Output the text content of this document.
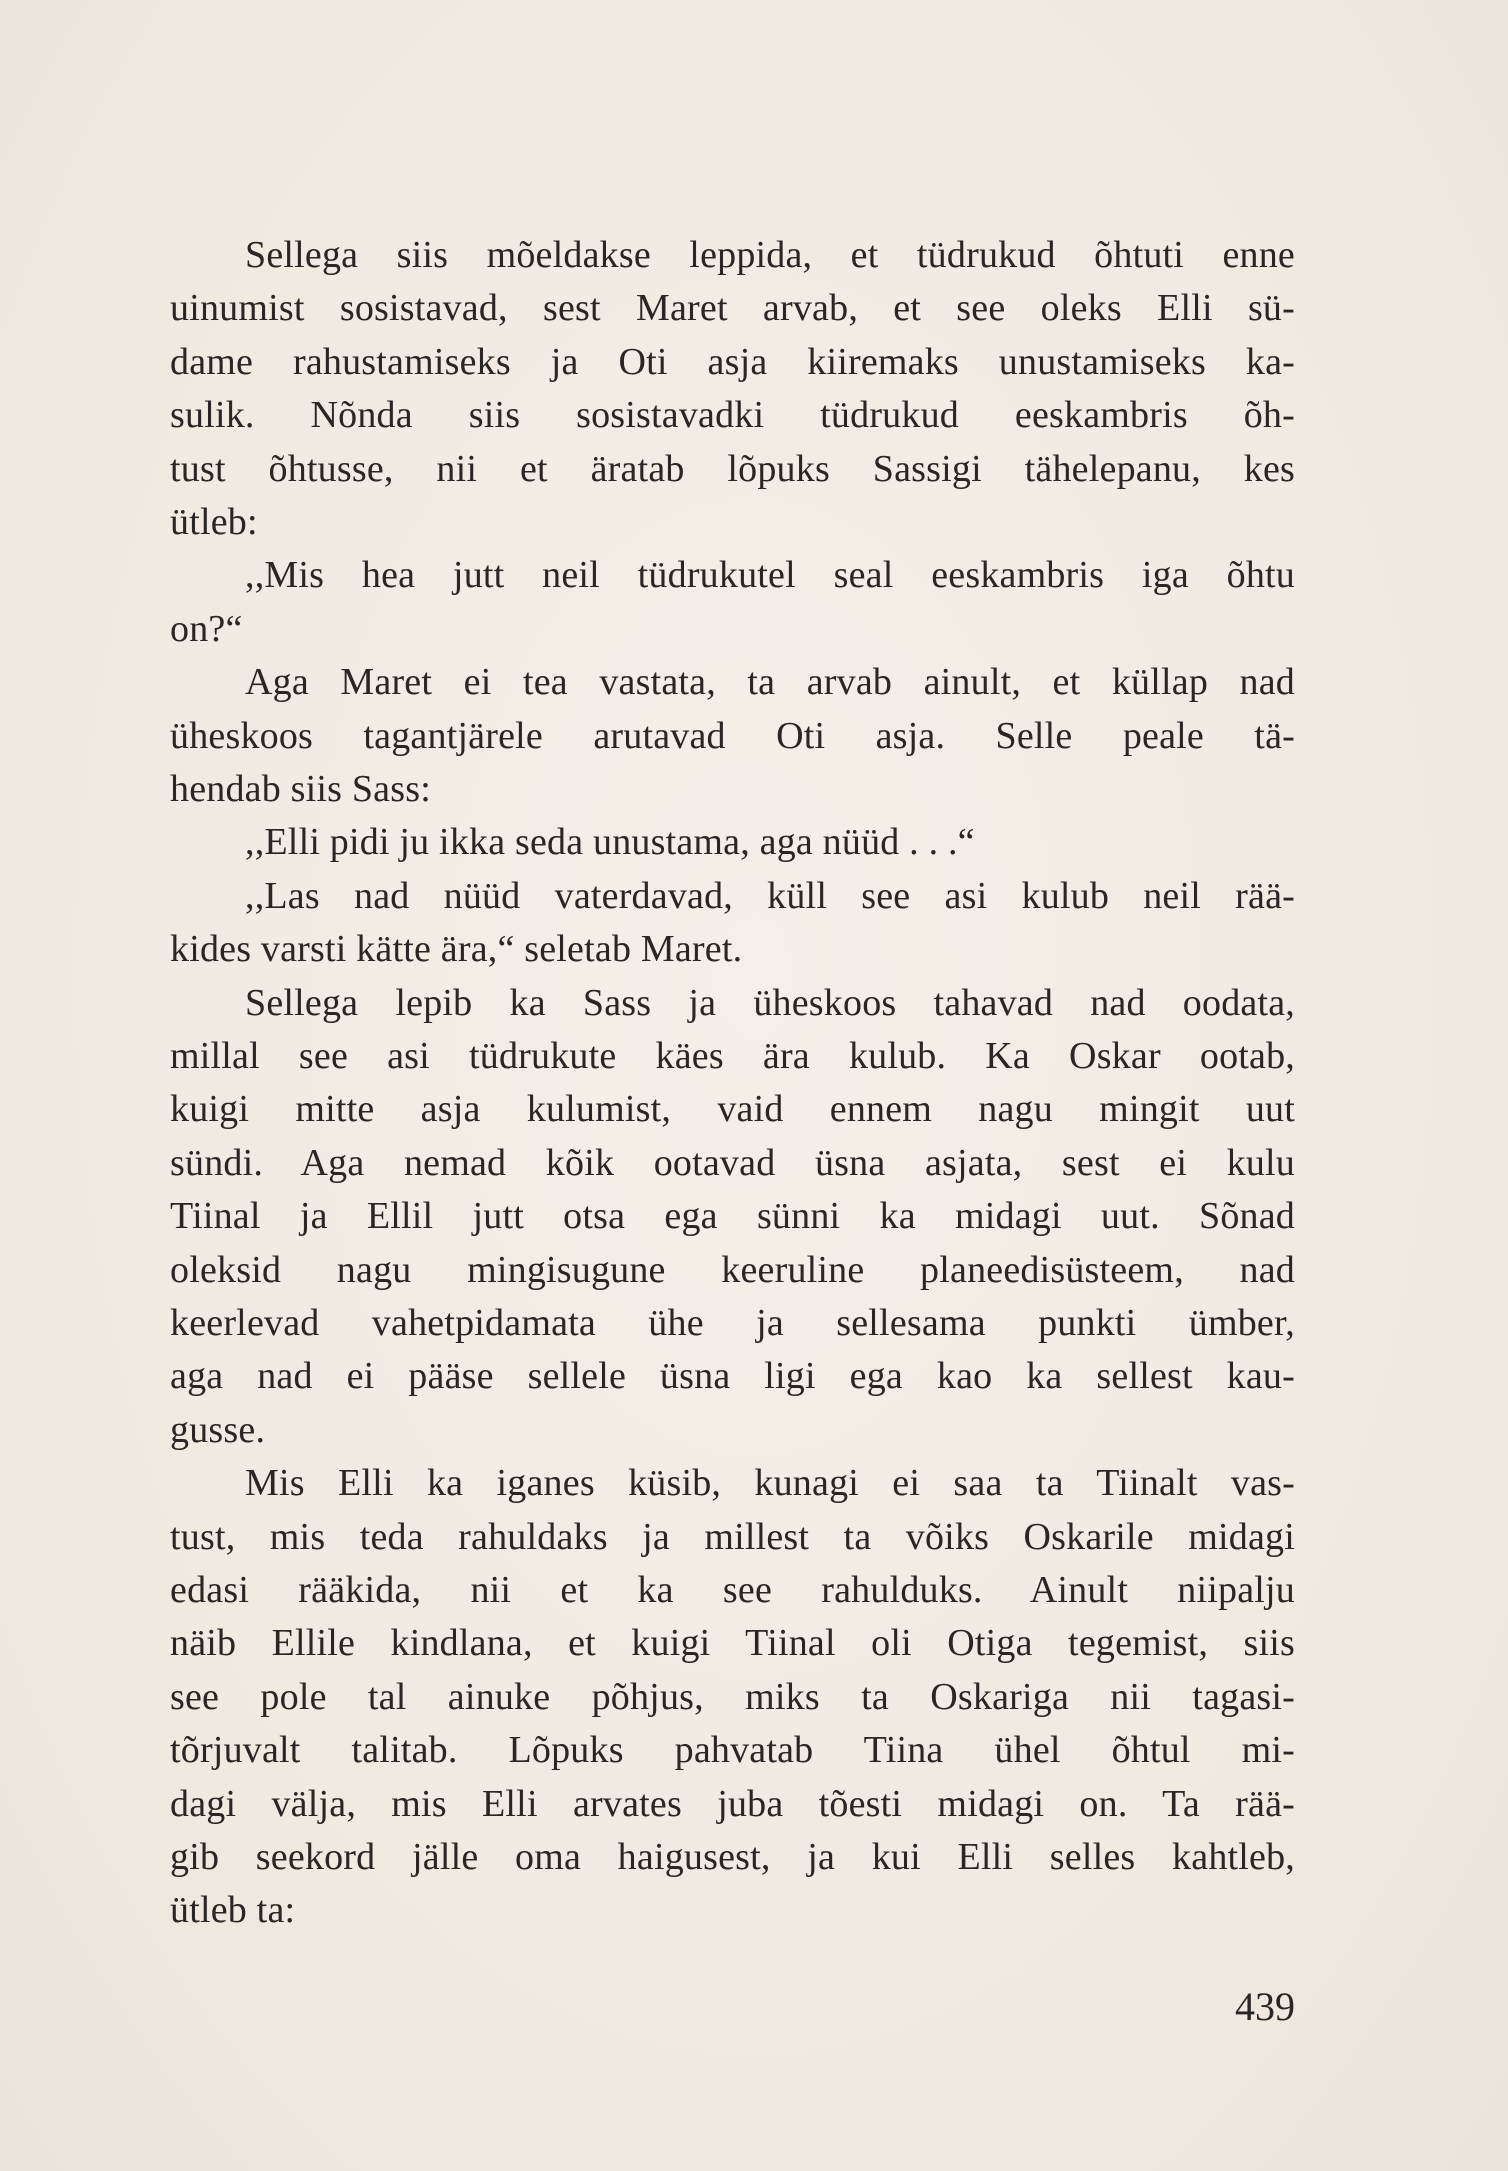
Sellega siis mõeldakse leppida, et tüdrukud õhtuti enne
uinumist sosistavad, sest Maret arvab, et see oleks Elli sü-
dame rahustamiseks ja Oti asja kiiremaks unustamiseks ka-
sulik. Nõnda siis sosistavadki tüdrukud eeskambris õh-
tust õhtusse, nii et äratab lõpuks Sassigi tähelepanu, kes
ütleb:
,,Mis hea jutt neil tüdrukutel seal eeskambris iga õhtu
on?“
Aga Maret ei tea vastata, ta arvab ainult, et küllap nad
üheskoos tagantjärele arutavad Oti asja. Selle peale tä-
hendab siis Sass:
,,Elli pidi ju ikka seda unustama, aga nüüd . . .“
,,Las nad nüüd vaterdavad, küll see asi kulub neil rää-
kides varsti kätte ära,“ seletab Maret.
Sellega lepib ka Sass ja üheskoos tahavad nad oodata,
millal see asi tüdrukute käes ära kulub. Ka Oskar ootab,
kuigi mitte asja kulumist, vaid ennem nagu mingit uut
sündi. Aga nemad kõik ootavad üsna asjata, sest ei kulu
Tiinal ja Ellil jutt otsa ega sünni ka midagi uut. Sõnad
oleksid nagu mingisugune keeruline planeedisüsteem, nad
keerlevad vahetpidamata ühe ja sellesama punkti ümber,
aga nad ei pääse sellele üsna ligi ega kao ka sellest kau-
gusse.
Mis Elli ka iganes küsib, kunagi ei saa ta Tiinalt vas-
tust, mis teda rahuldaks ja millest ta võiks Oskarile midagi
edasi rääkida, nii et ka see rahulduks. Ainult niipalju
näib Ellile kindlana, et kuigi Tiinal oli Otiga tegemist, siis
see pole tal ainuke põhjus, miks ta Oskariga nii tagasi-
tõrjuvalt talitab. Lõpuks pahvatab Tiina ühel õhtul mi-
dagi välja, mis Elli arvates juba tõesti midagi on. Ta rää-
gib seekord jälle oma haigusest, ja kui Elli selles kahtleb,
ütleb ta:
439
